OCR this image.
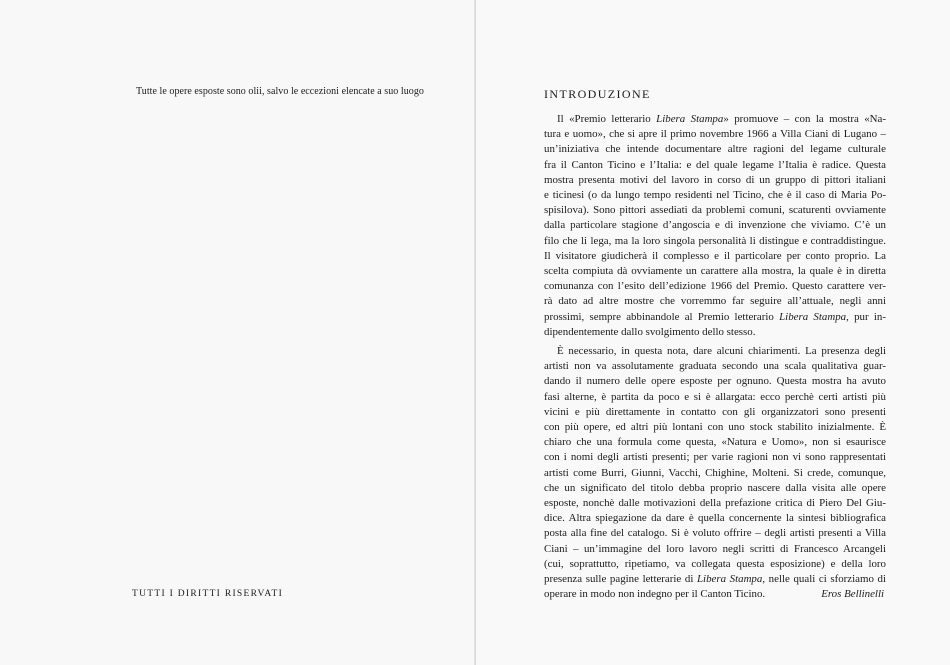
Tutte le opere esposte sono olii, salvo le eccezioni elencate a suo luogo
TUTTI I DIRITTI RISERVATI
INTRODUZIONE
Il «Premio letterario Libera Stampa» promuove – con la mostra «Na-
tura e uomo», che si apre il primo novembre 1966 a Villa Ciani di Lugano –
un’iniziativa che intende documentare altre ragioni del legame culturale
fra il Canton Ticino e l’Italia: e del quale legame l’Italia è radice. Questa
mostra presenta motivi del lavoro in corso di un gruppo di pittori italiani
e ticinesi (o da lungo tempo residenti nel Ticino, che è il caso di Maria Po-
spisilova). Sono pittori assediati da problemi comuni, scaturenti ovviamente
dalla particolare stagione d’angoscia e di invenzione che viviamo. C’è un
filo che li lega, ma la loro singola personalità li distingue e contraddistingue.
Il visitatore giudicherà il complesso e il particolare per conto proprio. La
scelta compiuta dà ovviamente un carattere alla mostra, la quale è in diretta
comunanza con l’esito dell’edizione 1966 del Premio. Questo carattere ver-
rà dato ad altre mostre che vorremmo far seguire all’attuale, negli anni
prossimi, sempre abbinandole al Premio letterario Libera Stampa, pur in-
dipendentemente dallo svolgimento dello stesso.
È necessario, in questa nota, dare alcuni chiarimenti. La presenza degli
artisti non va assolutamente graduata secondo una scala qualitativa guar-
dando il numero delle opere esposte per ognuno. Questa mostra ha avuto
fasi alterne, è partita da poco e si è allargata: ecco perchè certi artisti più
vicini e più direttamente in contatto con gli organizzatori sono presenti
con più opere, ed altri più lontani con uno stock stabilito inizialmente. È
chiaro che una formula come questa, «Natura e Uomo», non si esaurisce
con i nomi degli artisti presenti; per varie ragioni non vi sono rappresentati
artisti come Burri, Giunni, Vacchi, Chighine, Molteni. Si crede, comunque,
che un significato del titolo debba proprio nascere dalla visita alle opere
esposte, nonchè dalle motivazioni della prefazione critica di Piero Del Giu-
dice. Altra spiegazione da dare è quella concernente la sintesi bibliografica
posta alla fine del catalogo. Si è voluto offrire – degli artisti presenti a Villa
Ciani – un’immagine del loro lavoro negli scritti di Francesco Arcangeli
(cui, soprattutto, ripetiamo, va collegata questa esposizione) e della loro
presenza sulle pagine letterarie di Libera Stampa, nelle quali ci sforziamo di
operare in modo non indegno per il Canton Ticino.	Eros Bellinelli
